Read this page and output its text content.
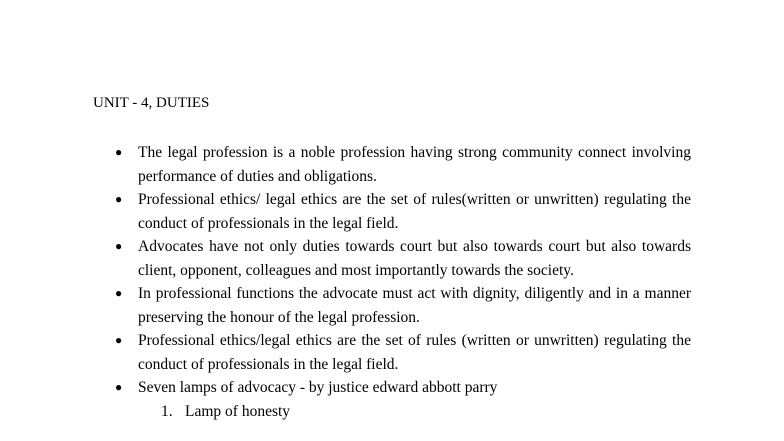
UNIT - 4, DUTIES
● The legal profession is a noble profession having strong community connect involving performance of duties and obligations.
● Professional ethics/ legal ethics are the set of rules(written or unwritten) regulating the conduct of professionals in the legal field.
● Advocates have not only duties towards court but also towards court but also towards client, opponent, colleagues and most importantly towards the society.
● In professional functions the advocate must act with dignity, diligently and in a manner preserving the honour of the legal profession.
● Professional ethics/legal ethics are the set of rules (written or unwritten) regulating the conduct of professionals in the legal field.
● Seven lamps of advocacy - by justice edward abbott parry
1. Lamp of honesty
